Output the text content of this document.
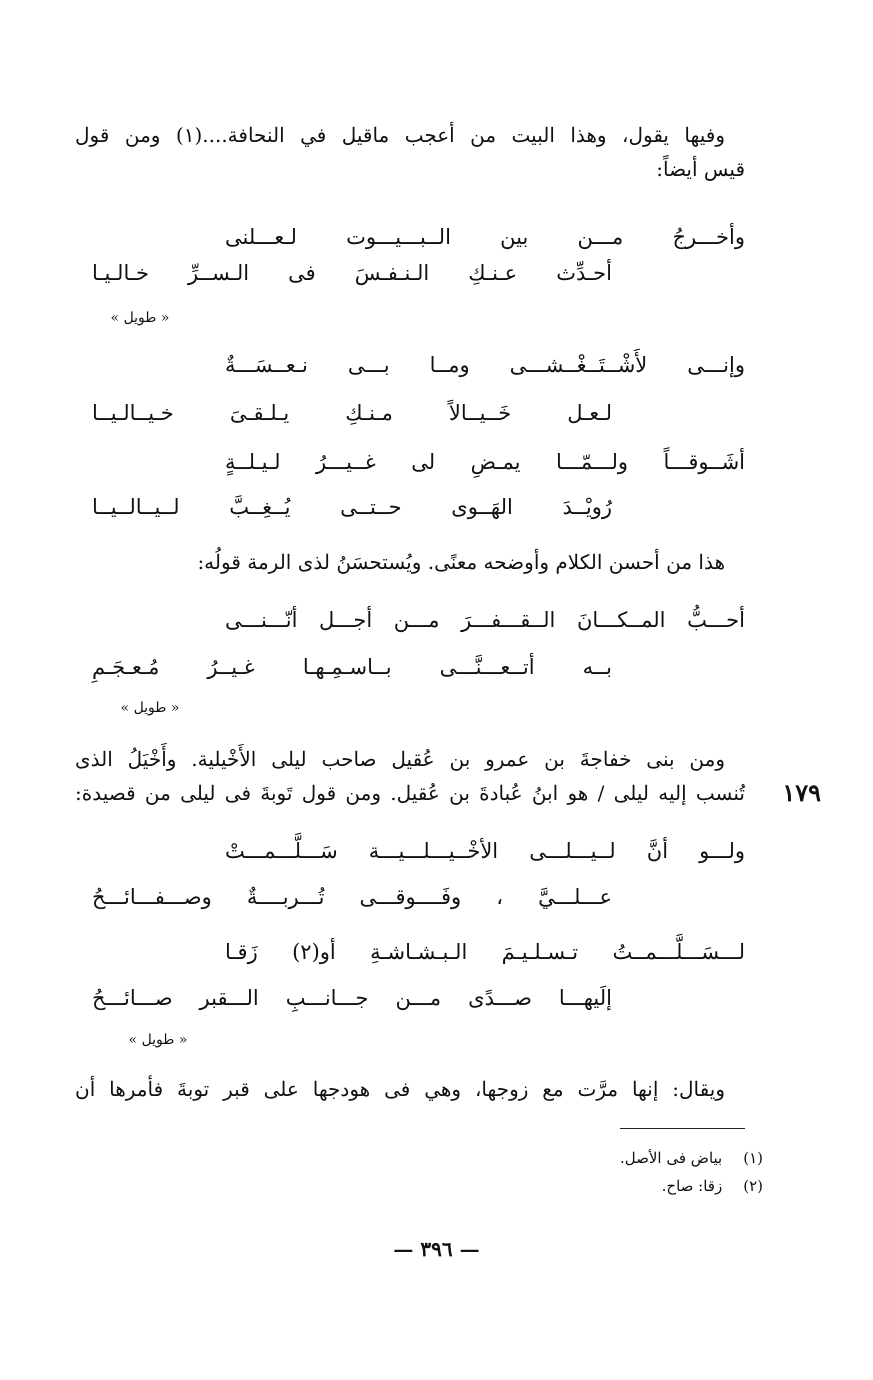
وفيها يقول، وهذا البيت من أعجب ماقيل في النحافة....(١) ومن قول
قيس أيضاً:
وأخـــرجُ مـــن بين الــبـــيـــوت لـعـــلنى
أحـدِّث عـنـكِ الـنـفـسَ فى الـســرِّ خـالـيـا
« طويل »
وإنـــى لأَشْــتَــغْــشـــى ومــا بـــى نـعــسَـــةٌ
لـعـل خَــيــالاً مـنـكِ يـلـقـىَ خـيــالـيــا
أشَــوقـــاً ولـــمّـــا يمـضِ لى غــيـــرُ لـيـلــةٍ
رُويْــدَ الهَــوى حــتــى يُــغِــبَّ لــيــالــيــا
هذا من أحسن الكلام وأوضحه معنًى. ويُستحسَنُ لذى الرمة قولُه:
أحـــبُّ المــكـــانَ الــقـــفـــرَ مـــن أجـــل أنّـــنـــى
بــه أتــعـــنَّـــى بــاسـمِـهـا غـيــرُ مُـعـجَـمِ
« طويل »
ومن بنى خفاجةَ بن عمرو بن عُقيل صاحب ليلى الأَخْيلية. وأَخْيَلُ الذى
تُنسب إليه ليلى / هو ابنُ عُبادةَ بن عُقيل. ومن قول تَوبةَ فى ليلى من قصيدة: ١٧٩
ولـــو أنَّ لــيـــلـــى الأخْــيـــلـــيـــة سَـــلَّـــمـــتْ
عـــلـــيَّ ، وفَــــوقـــى تُـــربــــةٌ وصـــفـــائـــحُ
لـــسَـــلَّـــمــتُ تـسـلـيـمَ الـبـشـاشـةِ أو(٢) زَقـا
إلَيهـــا صـــدًى مـــن جـــانـــبِ الـــقبر صـــائـــحُ
« طويل »
ويقال: إنها مرَّت مع زوجها، وهي فى هودجها على قبر توبةَ فأمرها أن
(١) بياض فى الأصل.
(٢) زقا: صاح.
— ٣٩٦ —
